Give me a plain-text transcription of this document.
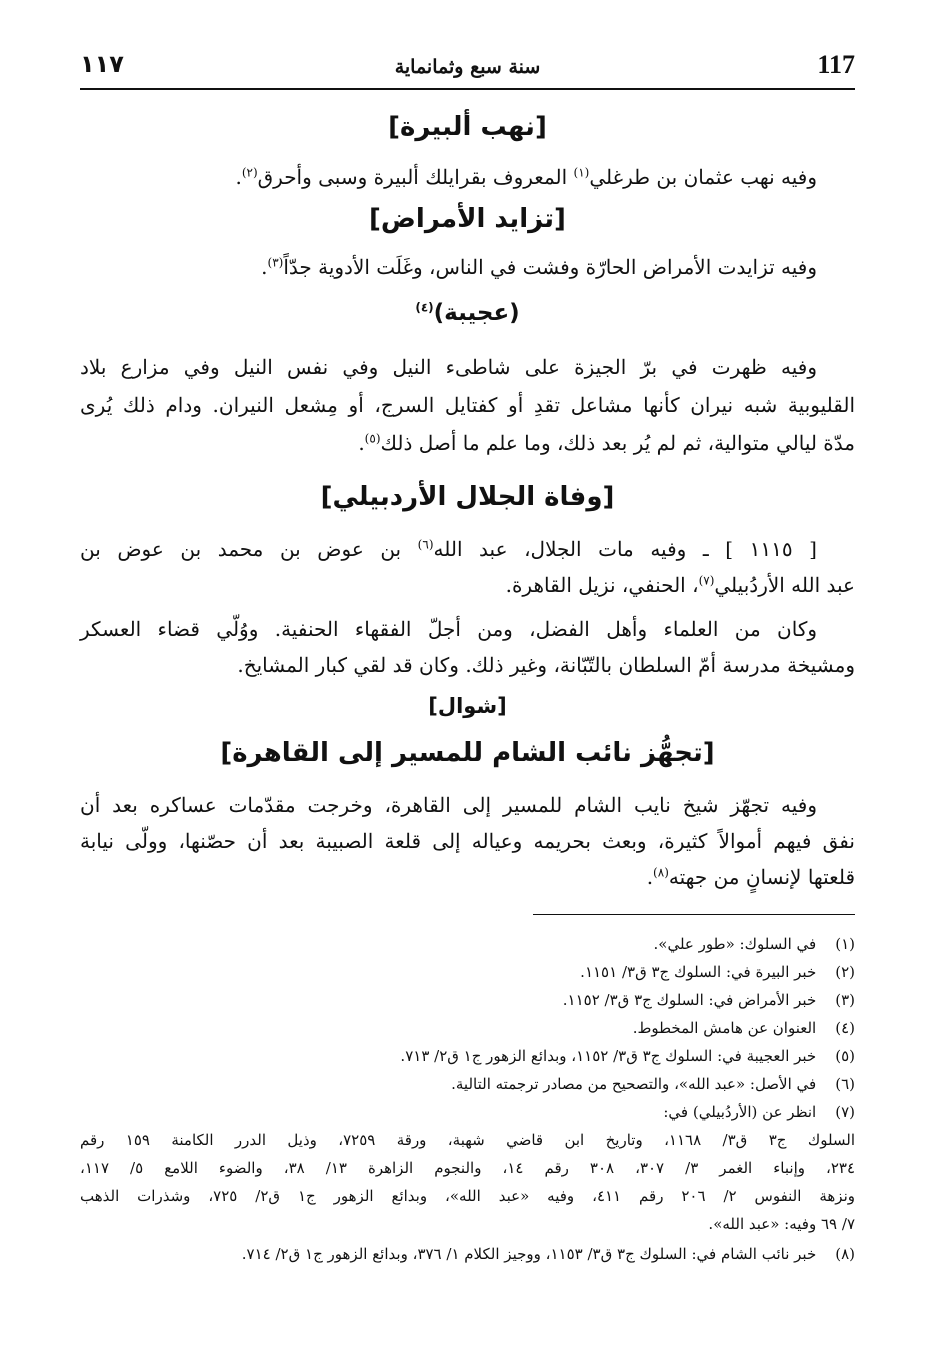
117
سنة سبع وثمانماية
١١٧
[نهب ألبيرة]
وفيه نهب عثمان بن طرغلي$^{(١)}$ المعروف بقرايلك ألبيرة وسبى وأحرق$^{(٢)}$.
[تزايد الأمراض]
وفيه تزايدت الأمراض الحارّة وفشت في الناس، وغَلَت الأدوية جدّاً$^{(٣)}$.
(عجيبة)$^{(٤)}$
وفيه ظهرت في برّ الجيزة على شاطىء النيل وفي نفس النيل وفي مزارع بلاد
القليوبية شبه نيران كأنها مشاعل تقدِ أو كفتايل السرج، أو مِشعل النيران. ودام ذلك يُرى
مدّة ليالي متوالية، ثم لم يُر بعد ذلك، وما علم ما أصل ذلك$^{(٥)}$.
[وفاة الجلال الأردبيلي]
[ ١١١٥ ] ـ وفيه مات الجلال، عبد الله$^{(٦)}$ بن عوض بن محمد بن عوض بن
عبد الله الأردُبيلي$^{(٧)}$، الحنفي، نزيل القاهرة.
وكان من العلماء وأهل الفضل، ومن أجلّ الفقهاء الحنفية. ووُلّي قضاء العسكر
ومشيخة مدرسة أمّ السلطان بالتّبّانة، وغير ذلك. وكان قد لقي كبار المشايخ.
[شوال]
[تجهُّز نائب الشام للمسير إلى القاهرة]
وفيه تجهّز شيخ نايب الشام للمسير إلى القاهرة، وخرجت مقدّمات عساكره بعد أن
نفق فيهم أموالاً كثيرة، وبعث بحريمه وعياله إلى قلعة الصبيبة بعد أن حصّنها، وولّى نيابة
قلعتها لإنسانٍ من جهته$^{(٨)}$.
(١) في السلوك: «طور علي».
(٢) خبر البيرة في: السلوك ج٣ ق٣/ ١١٥١.
(٣) خبر الأمراض في: السلوك ج٣ ق٣/ ١١٥٢.
(٤) العنوان عن هامش المخطوط.
(٥) خبر العجيبة في: السلوك ج٣ ق٣/ ١١٥٢، وبدائع الزهور ج١ ق٢/ ٧١٣.
(٦) في الأصل: «عبد الله»، والتصحيح من مصادر ترجمته التالية.
(٧) انظر عن (الأردُبيلي) في:
السلوك ج٣ ق٣/ ١١٦٨، وتاريخ ابن قاضي شهبة، ورقة ٧٢٥٩، وذيل الدرر الكامنة ١٥٩ رقم
٢٣٤، وإنباء الغمر ٣/ ٣٠٧، ٣٠٨ رقم ١٤، والنجوم الزاهرة ١٣/ ٣٨، والضوء اللامع ٥/ ١١٧،
ونزهة النفوس ٢/ ٢٠٦ رقم ٤١١، وفيه «عبد الله»، وبدائع الزهور ج١ ق٢/ ٧٢٥، وشذرات الذهب
٧/ ٦٩ وفيه: «عبد الله».
(٨) خبر نائب الشام في: السلوك ج٣ ق٣/ ١١٥٣، ووجيز الكلام ١/ ٣٧٦، وبدائع الزهور ج١ ق٢/ ٧١٤.
